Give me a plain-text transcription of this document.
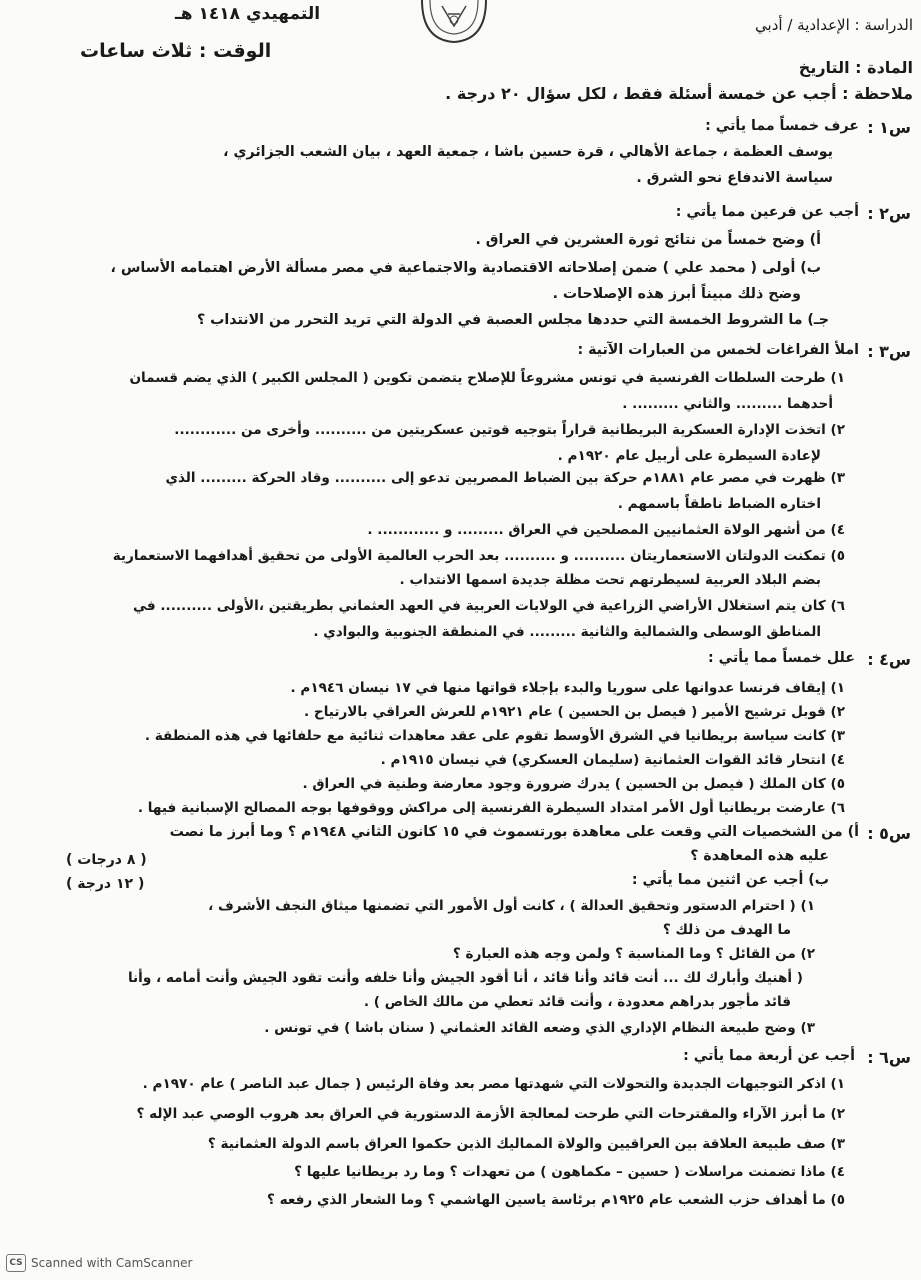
التمهيدي ١٤١٨ هـ
الوقت : ثلاث ساعات
الدراسة : الإعدادية / أدبي
المادة : التاريخ
ملاحظة : أجب عن خمسة أسئلة فقط ، لكل سؤال ٢٠ درجة .
س١ :
عرف خمساً مما يأتي :
يوسف العظمة ، جماعة الأهالي ، قرة حسين باشا ، جمعية العهد ، بيان الشعب الجزائري ،
سياسة الاندفاع نحو الشرق .
س٢ :
أجب عن فرعين مما يأتي :
أ) وضح خمساً من نتائج ثورة العشرين في العراق .
ب) أولى ( محمد علي ) ضمن إصلاحاته الاقتصادية والاجتماعية في مصر مسألة الأرض اهتمامه الأساس ،
وضح ذلك مبيناً أبرز هذه الإصلاحات .
جـ) ما الشروط الخمسة التي حددها مجلس العصبة في الدولة التي تريد التحرر من الانتداب ؟
س٣ :
املأ الفراغات لخمس من العبارات الآتية :
١) طرحت السلطات الفرنسية في تونس مشروعاً للإصلاح يتضمن تكوين ( المجلس الكبير ) الذي يضم قسمان
أحدهما ......... والثاني ......... .
٢) اتخذت الإدارة العسكرية البريطانية قراراً بتوجيه قوتين عسكريتين من .......... وأخرى من ............
لإعادة السيطرة على أربيل عام ١٩٢٠م .
٣) ظهرت في مصر عام ١٨٨١م حركة بين الضباط المصريين تدعو إلى .......... وقاد الحركة ......... الذي
اختاره الضباط ناطقاً باسمهم .
٤) من أشهر الولاة العثمانيين المصلحين في العراق ......... و ............ .
٥) تمكنت الدولتان الاستعماريتان .......... و .......... بعد الحرب العالمية الأولى من تحقيق أهدافهما الاستعمارية
بضم البلاد العربية لسيطرتهم تحت مظلة جديدة اسمها الانتداب .
٦) كان يتم استغلال الأراضي الزراعية في الولايات العربية في العهد العثماني بطريقتين ،الأولى .......... في
المناطق الوسطى والشمالية والثانية ......... في المنطقة الجنوبية والبوادي .
س٤ :
علل خمساً مما يأتي :
١) إيقاف فرنسا عدوانها على سوريا والبدء بإجلاء قواتها منها في ١٧ نيسان ١٩٤٦م .
٢) قوبل ترشيح الأمير ( فيصل بن الحسين ) عام ١٩٢١م للعرش العراقي بالارتياح .
٣) كانت سياسة بريطانيا في الشرق الأوسط تقوم على عقد معاهدات ثنائية مع حلفائها في هذه المنطقة .
٤) انتحار قائد القوات العثمانية (سليمان العسكري) في نيسان ١٩١٥م .
٥) كان الملك ( فيصل بن الحسين ) يدرك ضرورة وجود معارضة وطنية في العراق .
٦) عارضت بريطانيا أول الأمر امتداد السيطرة الفرنسية إلى مراكش ووقوفها بوجه المصالح الإسبانية فيها .
س٥ :
أ) من الشخصيات التي وقعت على معاهدة بورتسموث في ١٥ كانون الثاني ١٩٤٨م ؟ وما أبرز ما نصت
عليه هذه المعاهدة ؟
( ٨ درجات )
ب) أجب عن اثنين مما يأتي :
( ١٢ درجة )
١) ( احترام الدستور وتحقيق العدالة ) ، كانت أول الأمور التي تضمنها ميثاق النجف الأشرف ،
ما الهدف من ذلك ؟
٢) من القائل ؟ وما المناسبة ؟ ولمن وجه هذه العبارة ؟
( أهنيك وأبارك لك ... أنت قائد وأنا قائد ، أنا أقود الجيش وأنا خلفه وأنت تقود الجيش وأنت أمامه ، وأنا
قائد مأجور بدراهم معدودة ، وأنت قائد تعطي من مالك الخاص ) .
٣) وضح طبيعة النظام الإداري الذي وضعه القائد العثماني ( سنان باشا ) في تونس .
س٦ :
أجب عن أربعة مما يأتي :
١) اذكر التوجيهات الجديدة والتحولات التي شهدتها مصر بعد وفاة الرئيس ( جمال عبد الناصر ) عام ١٩٧٠م .
٢) ما أبرز الآراء والمقترحات التي طرحت لمعالجة الأزمة الدستورية في العراق بعد هروب الوصي عبد الإله ؟
٣) صف طبيعة العلاقة بين العراقيين والولاة المماليك الذين حكموا العراق باسم الدولة العثمانية ؟
٤) ماذا تضمنت مراسلات ( حسين – مكماهون ) من تعهدات ؟ وما رد بريطانيا عليها ؟
٥) ما أهداف حزب الشعب عام ١٩٢٥م برئاسة ياسين الهاشمي ؟ وما الشعار الذي رفعه ؟
CS Scanned with CamScanner
